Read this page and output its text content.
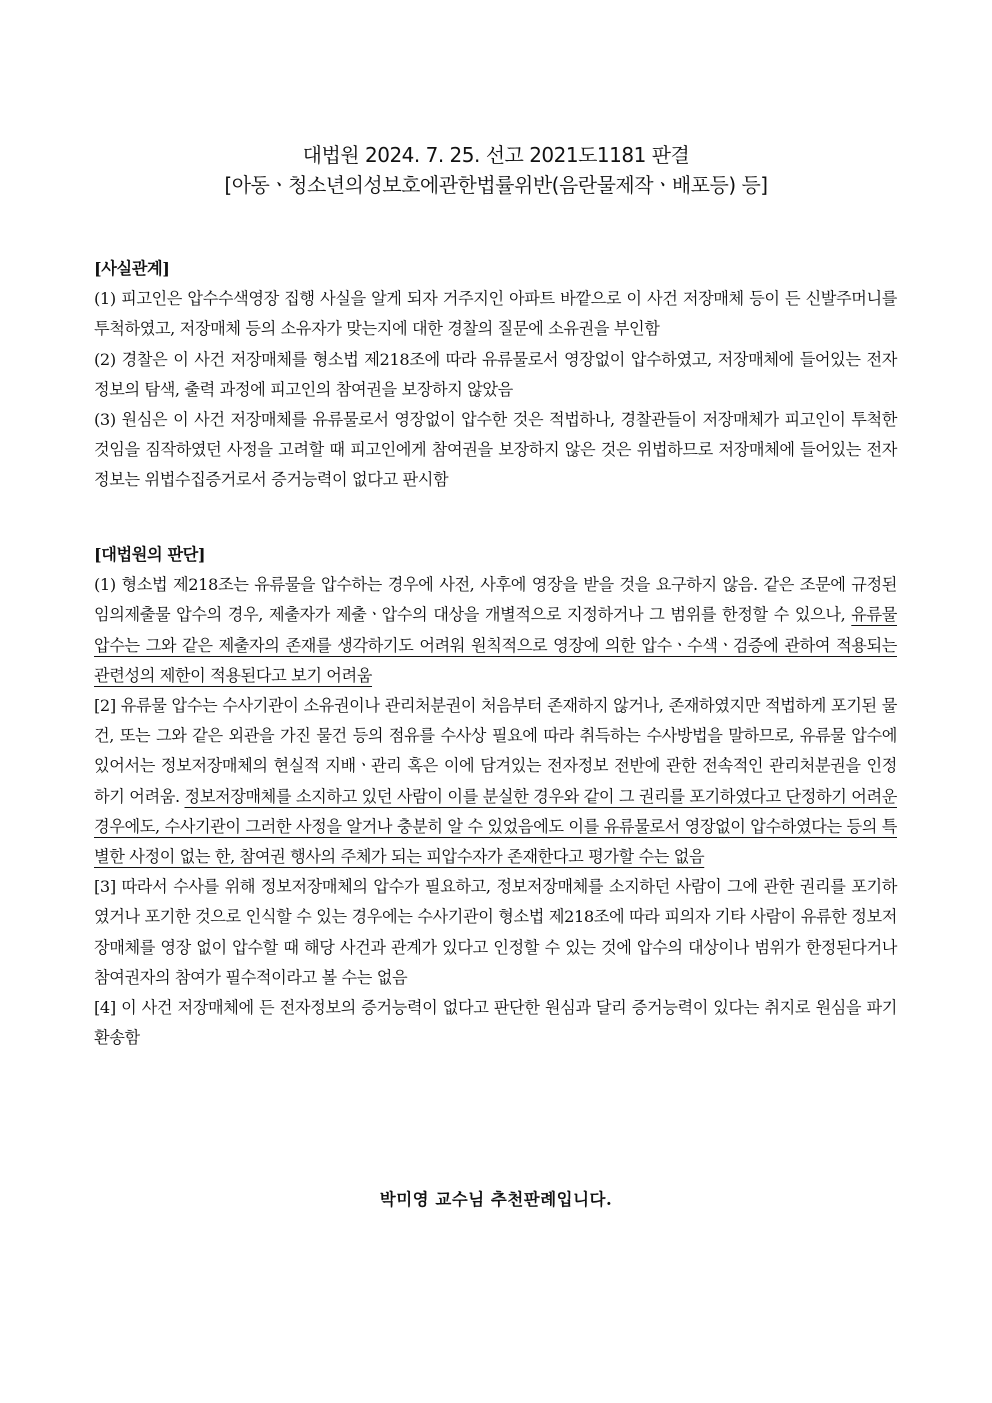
대법원 2024. 7. 25. 선고 2021도1181 판결
[아동ㆍ청소년의성보호에관한법률위반(음란물제작ㆍ배포등) 등]

[사실관계]

(1) 피고인은 압수수색영장 집행 사실을 알게 되자 거주지인 아파트 바깥으로 이 사건 저장매체 등이 든 신발주머니를 투척하였고, 저장매체 등의 소유자가 맞는지에 대한 경찰의 질문에 소유권을 부인함

(2) 경찰은 이 사건 저장매체를 형소법 제218조에 따라 유류물로서 영장없이 압수하였고, 저장매체에 들어있는 전자정보의 탐색, 출력 과정에 피고인의 참여권을 보장하지 않았음

(3) 원심은 이 사건 저장매체를 유류물로서 영장없이 압수한 것은 적법하나, 경찰관들이 저장매체가 피고인이 투척한 것임을 짐작하였던 사정을 고려할 때 피고인에게 참여권을 보장하지 않은 것은 위법하므로 저장매체에 들어있는 전자정보는 위법수집증거로서 증거능력이 없다고 판시함

[대법원의 판단]

(1) 형소법 제218조는 유류물을 압수하는 경우에 사전, 사후에 영장을 받을 것을 요구하지 않음. 같은 조문에 규정된 임의제출물 압수의 경우, 제출자가 제출ㆍ압수의 대상을 개별적으로 지정하거나 그 범위를 한정할 수 있으나, 유류물 압수는 그와 같은 제출자의 존재를 생각하기도 어려워 원칙적으로 영장에 의한 압수ㆍ수색ㆍ검증에 관하여 적용되는 관련성의 제한이 적용된다고 보기 어려움

[2] 유류물 압수는 수사기관이 소유권이나 관리처분권이 처음부터 존재하지 않거나, 존재하였지만 적법하게 포기된 물건, 또는 그와 같은 외관을 가진 물건 등의 점유를 수사상 필요에 따라 취득하는 수사방법을 말하므로, 유류물 압수에 있어서는 정보저장매체의 현실적 지배ㆍ관리 혹은 이에 담겨있는 전자정보 전반에 관한 전속적인 관리처분권을 인정하기 어려움. 정보저장매체를 소지하고 있던 사람이 이를 분실한 경우와 같이 그 권리를 포기하였다고 단정하기 어려운 경우에도, 수사기관이 그러한 사정을 알거나 충분히 알 수 있었음에도 이를 유류물로서 영장없이 압수하였다는 등의 특별한 사정이 없는 한, 참여권 행사의 주체가 되는 피압수자가 존재한다고 평가할 수는 없음

[3] 따라서 수사를 위해 정보저장매체의 압수가 필요하고, 정보저장매체를 소지하던 사람이 그에 관한 권리를 포기하였거나 포기한 것으로 인식할 수 있는 경우에는 수사기관이 형소법 제218조에 따라 피의자 기타 사람이 유류한 정보저장매체를 영장 없이 압수할 때 해당 사건과 관계가 있다고 인정할 수 있는 것에 압수의 대상이나 범위가 한정된다거나 참여권자의 참여가 필수적이라고 볼 수는 없음

[4] 이 사건 저장매체에 든 전자정보의 증거능력이 없다고 판단한 원심과 달리 증거능력이 있다는 취지로 원심을 파기환송함

박미영 교수님 추천판례입니다.
